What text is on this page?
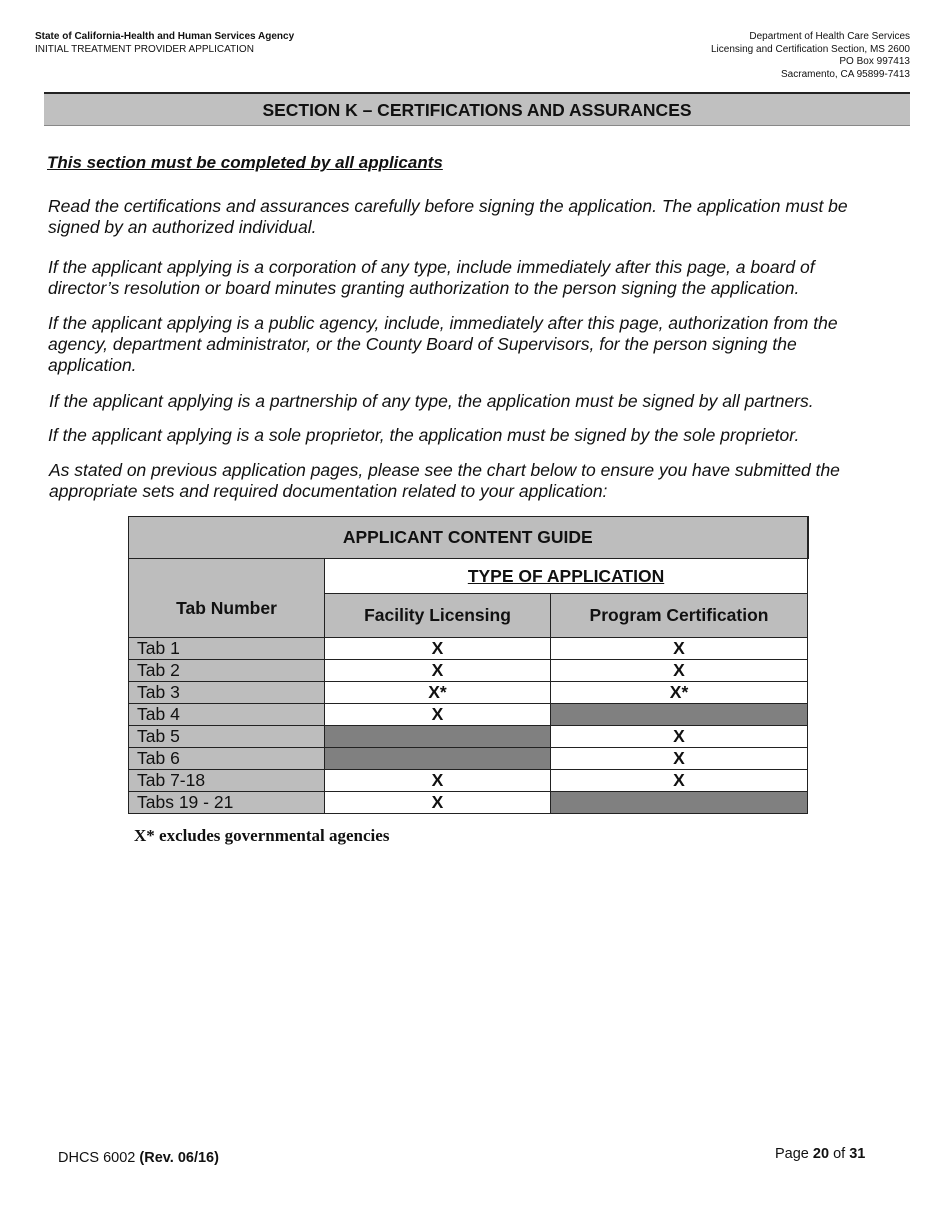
State of California-Health and Human Services Agency
INITIAL TREATMENT PROVIDER APPLICATION
Department of Health Care Services
Licensing and Certification Section, MS 2600
PO Box 997413
Sacramento, CA 95899-7413
SECTION K – CERTIFICATIONS AND ASSURANCES
This section must be completed by all applicants
Read the certifications and assurances carefully before signing the application. The application must be signed by an authorized individual.
If the applicant applying is a corporation of any type, include immediately after this page, a board of director’s resolution or board minutes granting authorization to the person signing the application.
If the applicant applying is a public agency, include, immediately after this page, authorization from the agency, department administrator, or the County Board of Supervisors, for the person signing the application.
If the applicant applying is a partnership of any type, the application must be signed by all partners.
If the applicant applying is a sole proprietor, the application must be signed by the sole proprietor.
As stated on previous application pages, please see the chart below to ensure you have submitted the appropriate sets and required documentation related to your application:
APPLICANT CONTENT GUIDE		
Tab Number	TYPE OF APPLICATION	
	Facility Licensing	Program Certification
Tab 1	X	X
Tab 2	X	X
Tab 3	X*	X*
Tab 4	X	
Tab 5		X
Tab 6		X
Tab 7-18	X	X
Tabs 19 - 21	X	
X* excludes governmental agencies
DHCS 6002 (Rev. 06/16)	Page 20 of 31
